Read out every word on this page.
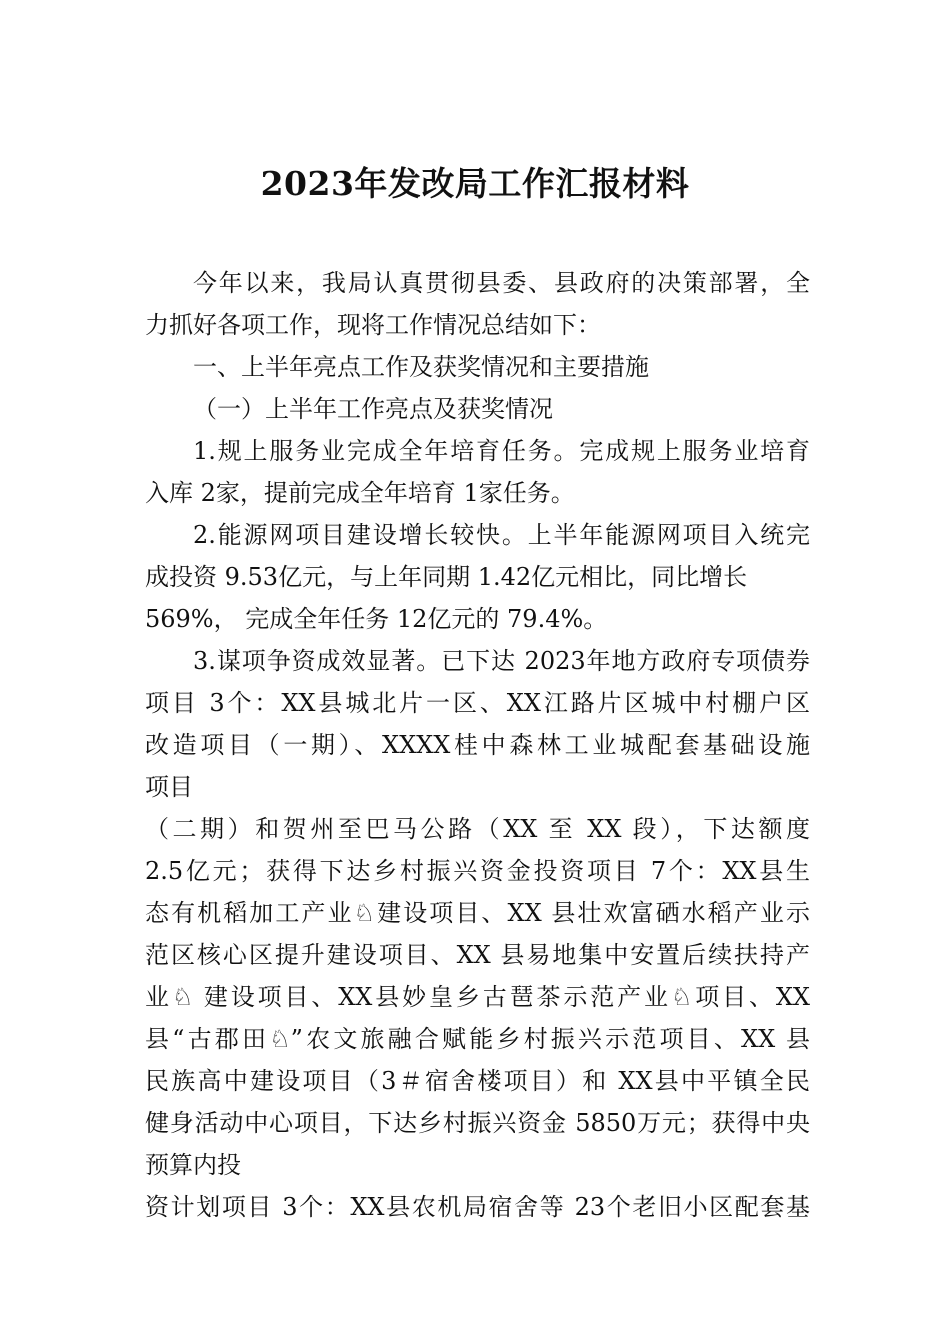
2023年发改局工作汇报材料
今年以来，我局认真贯彻县委、县政府的决策部署，全
力抓好各项工作，现将工作情况总结如下：
一、上半年亮点工作及获奖情况和主要措施
（一）上半年工作亮点及获奖情况
1.规上服务业完成全年培育任务。完成规上服务业培育
入库 2家，提前完成全年培育 1家任务。
2.能源网项目建设增长较快。上半年能源网项目入统完
成投资 9.53亿元，与上年同期 1.42亿元相比，同比增长
569%， 完成全年任务 12亿元的 79.4%。
3.谋项争资成效显著。已下达 2023年地方政府专项债券
项目 3个：XX县城北片一区、XX江路片区城中村棚户区
改造项目（一期）、XXXX桂中森林工业城配套基础设施
项目
（二期）和贺州至巴马公路（XX 至 XX 段），下达额度
2.5亿元；获得下达乡村振兴资金投资项目 7个：XX县生
态有机稻加工产业♘建设项目、XX 县壮欢富硒水稻产业示
范区核心区提升建设项目、XX 县易地集中安置后续扶持产
业♘ 建设项目、XX县妙皇乡古琶茶示范产业♘项目、XX
县“古郡田♘”农文旅融合赋能乡村振兴示范项目、XX 县
民族高中建设项目（3＃宿舍楼项目）和 XX县中平镇全民
健身活动中心项目，下达乡村振兴资金 5850万元；获得中央
预算内投
资计划项目 3个：XX县农机局宿舍等 23个老旧小区配套基
